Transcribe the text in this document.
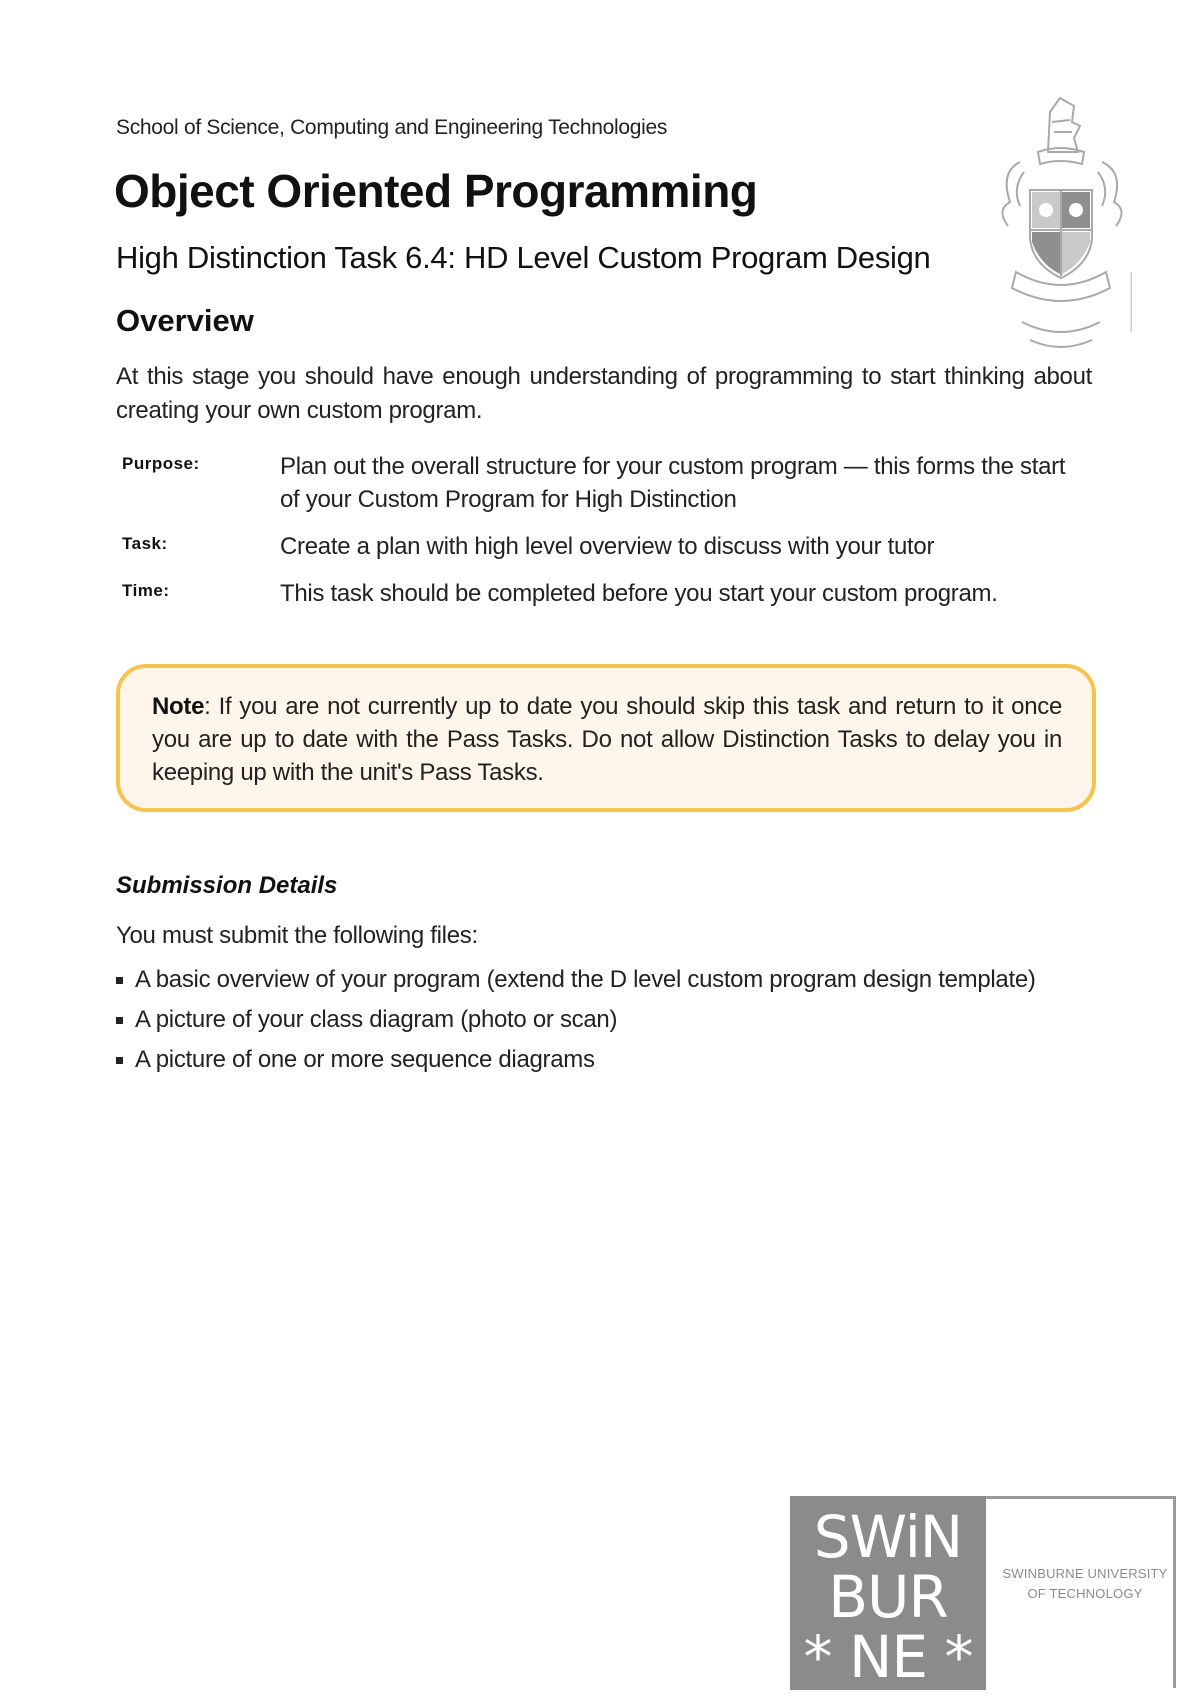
School of Science, Computing and Engineering Technologies
Object Oriented Programming
High Distinction Task 6.4: HD Level Custom Program Design
Overview
At this stage you should have enough understanding of programming to start thinking about creating your own custom program.
Purpose:	Plan out the overall structure for your custom program — this forms the start of your Custom Program for High Distinction
Task:	Create a plan with high level overview to discuss with your tutor
Time:	This task should be completed before you start your custom program.
Note: If you are not currently up to date you should skip this task and return to it once you are up to date with the Pass Tasks. Do not allow Distinction Tasks to delay you in keeping up with the unit's Pass Tasks.
Submission Details
You must submit the following files:
A basic overview of your program (extend the D level custom program design template)
A picture of your class diagram (photo or scan)
A picture of one or more sequence diagrams
SWiN
BUR
* NE *
SWINBURNE UNIVERSITY
OF TECHNOLOGY
